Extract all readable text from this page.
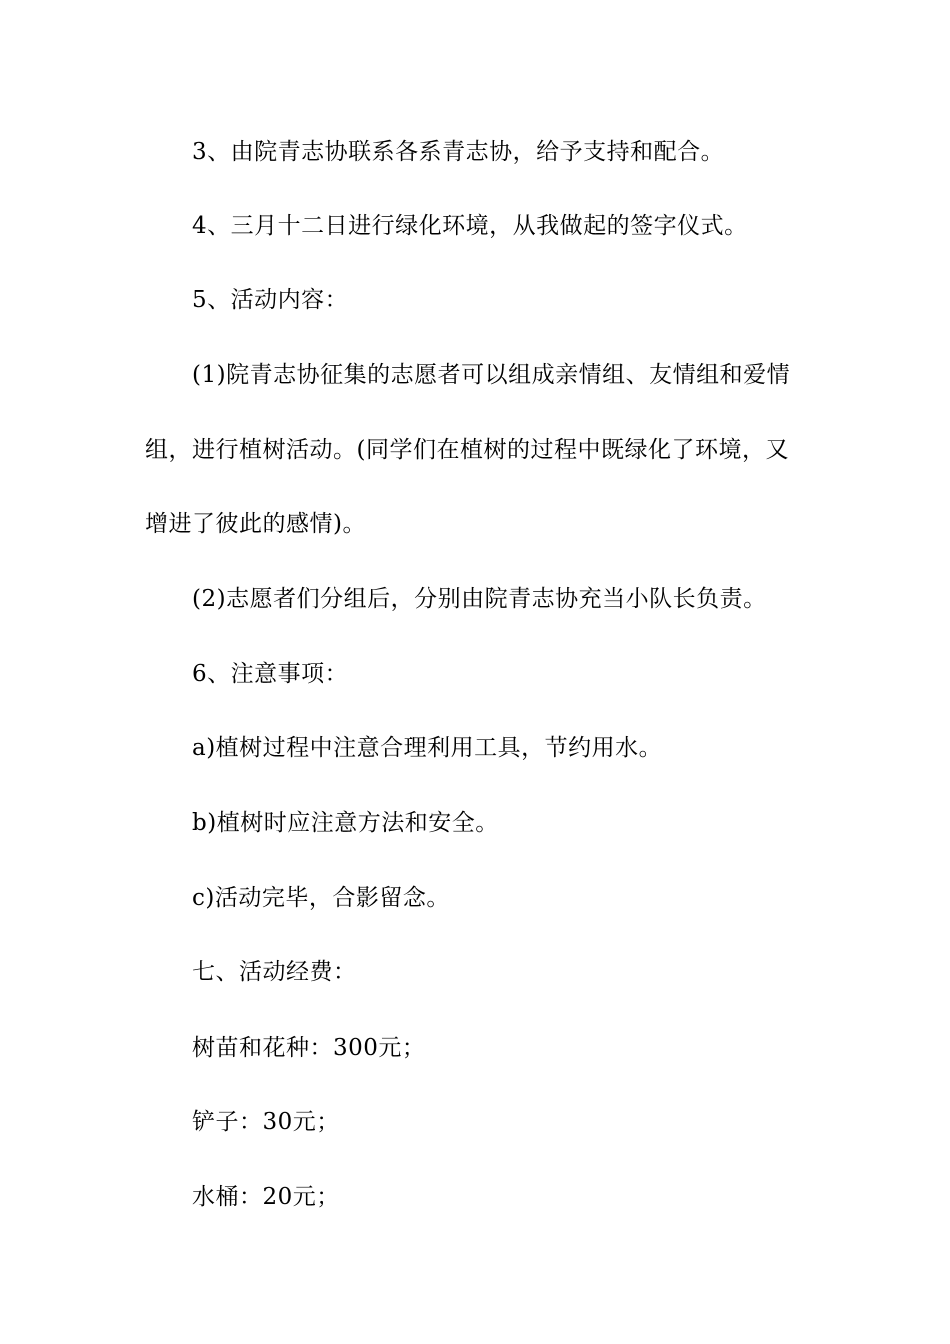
3、由院青志协联系各系青志协，给予支持和配合。
4、三月十二日进行绿化环境，从我做起的签字仪式。
5、活动内容：
(1)院青志协征集的志愿者可以组成亲情组、友情组和爱情
组，进行植树活动。(同学们在植树的过程中既绿化了环境，又
增进了彼此的感情)。
(2)志愿者们分组后，分别由院青志协充当小队长负责。
6、注意事项：
a)植树过程中注意合理利用工具，节约用水。
b)植树时应注意方法和安全。
c)活动完毕，合影留念。
七、活动经费：
树苗和花种：300元；
铲子：30元；
水桶：20元；
